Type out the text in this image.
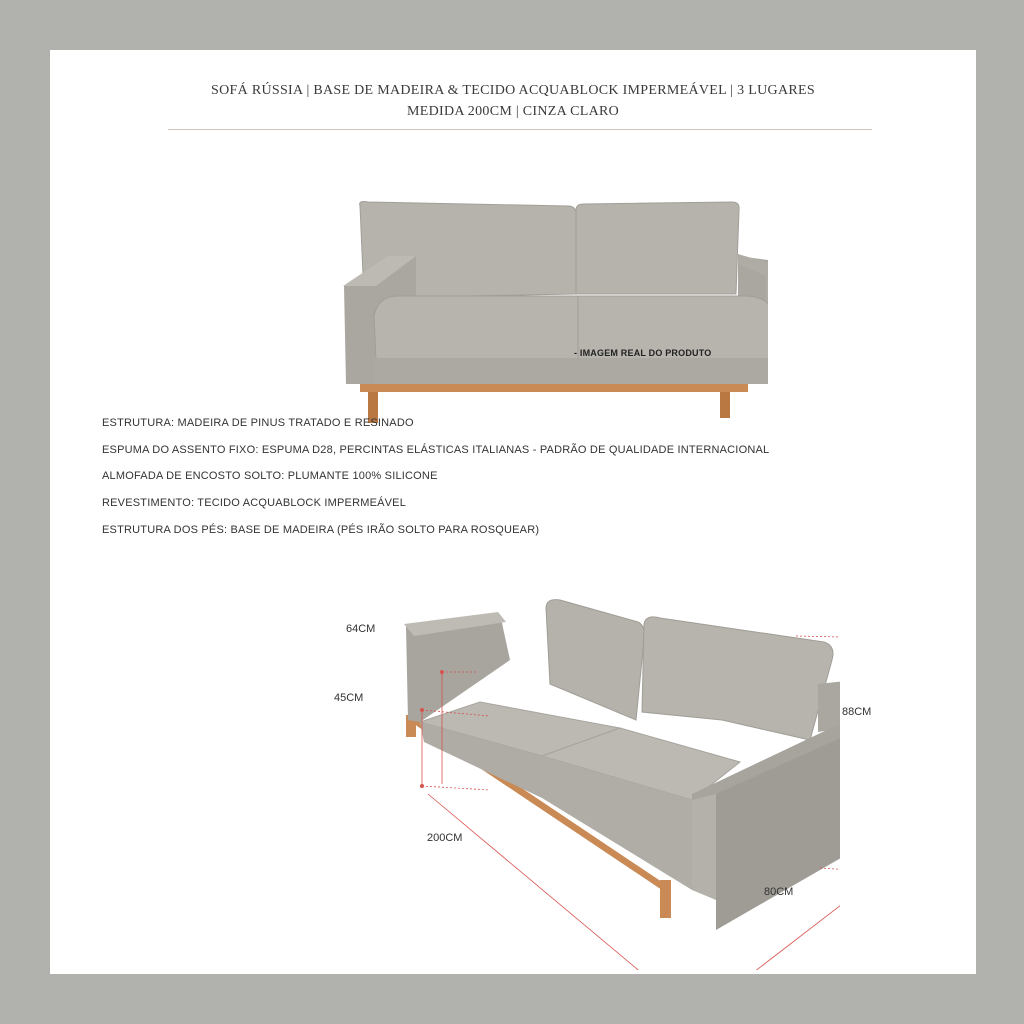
SOFÁ RÚSSIA | BASE DE MADEIRA & TECIDO ACQUABLOCK IMPERMEÁVEL | 3 LUGARES
MEDIDA 200CM | CINZA CLARO
- IMAGEM REAL DO PRODUTO
ESTRUTURA: MADEIRA DE PINUS TRATADO E RESINADO
ESPUMA DO ASSENTO FIXO: ESPUMA D28, PERCINTAS ELÁSTICAS ITALIANAS - PADRÃO DE QUALIDADE INTERNACIONAL
ALMOFADA DE ENCOSTO SOLTO: PLUMANTE 100% SILICONE
REVESTIMENTO: TECIDO ACQUABLOCK IMPERMEÁVEL
ESTRUTURA DOS PÉS: BASE DE MADEIRA (PÉS IRÃO SOLTO PARA ROSQUEAR)
64CM
45CM
88CM
200CM
80CM
